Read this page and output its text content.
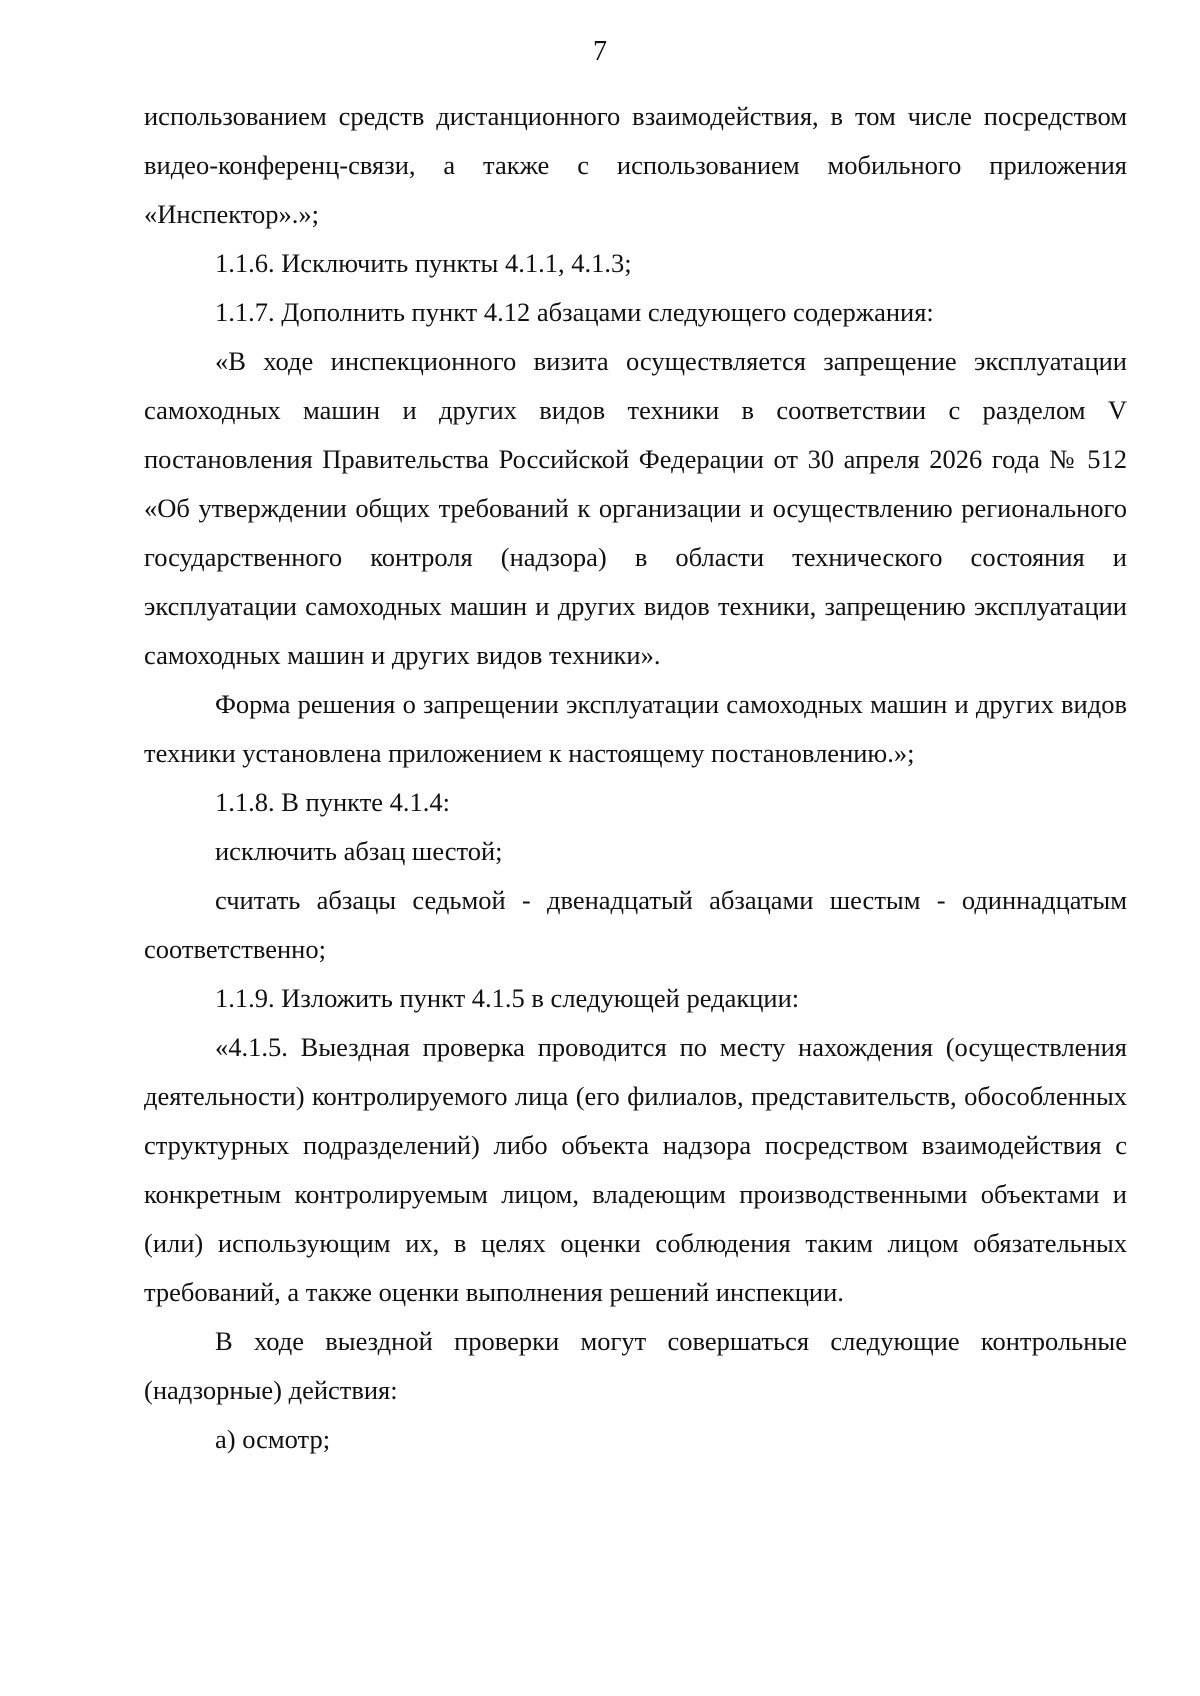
7

использованием средств дистанционного взаимодействия, в том числе посредством видео-конференц-связи, а также с использованием мобильного приложения «Инспектор».»;

1.1.6. Исключить пункты 4.1.1, 4.1.3;

1.1.7. Дополнить пункт 4.12 абзацами следующего содержания:

«В ходе инспекционного визита осуществляется запрещение эксплуатации самоходных машин и других видов техники в соответствии с разделом V постановления Правительства Российской Федерации от 30 апреля 2026 года № 512 «Об утверждении общих требований к организации и осуществлению регионального государственного контроля (надзора) в области технического состояния и эксплуатации самоходных машин и других видов техники, запрещению эксплуатации самоходных машин и других видов техники».

Форма решения о запрещении эксплуатации самоходных машин и других видов техники установлена приложением к настоящему постановлению.»;

1.1.8. В пункте 4.1.4:

исключить абзац шестой;

считать абзацы седьмой - двенадцатый абзацами шестым - одиннадцатым соответственно;

1.1.9. Изложить пункт 4.1.5 в следующей редакции:

«4.1.5. Выездная проверка проводится по месту нахождения (осуществления деятельности) контролируемого лица (его филиалов, представительств, обособленных структурных подразделений) либо объекта надзора посредством взаимодействия с конкретным контролируемым лицом, владеющим производственными объектами и (или) использующим их, в целях оценки соблюдения таким лицом обязательных требований, а также оценки выполнения решений инспекции.

В ходе выездной проверки могут совершаться следующие контрольные (надзорные) действия:

а) осмотр;
